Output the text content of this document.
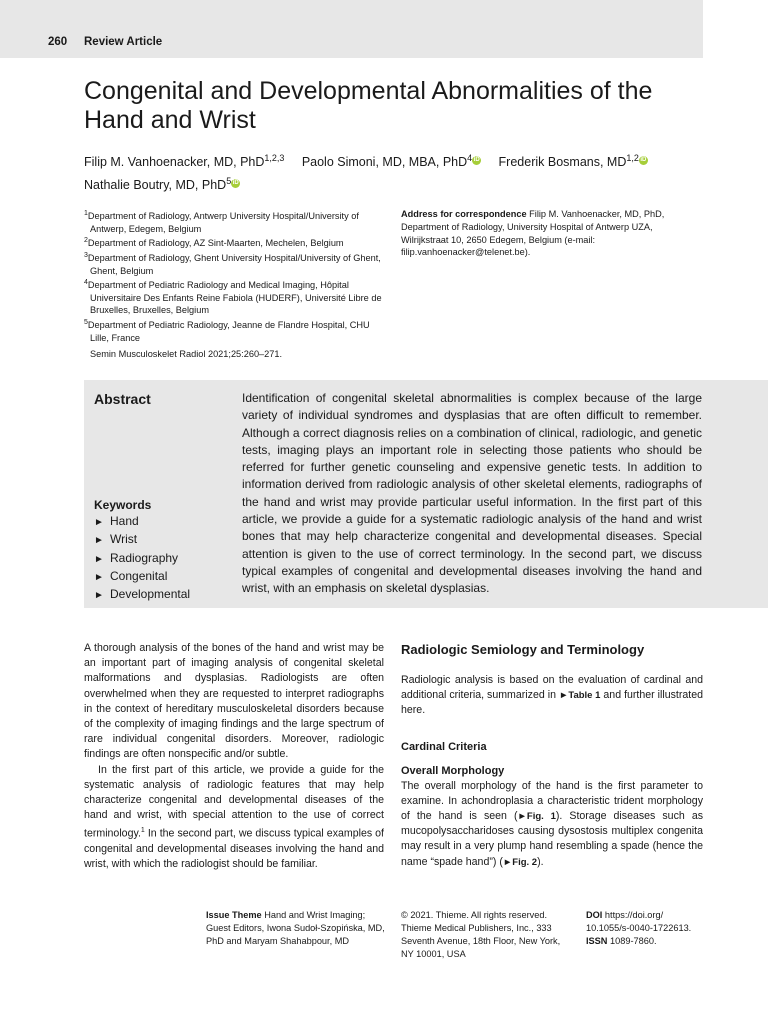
260 Review Article
Congenital and Developmental Abnormalities of the Hand and Wrist
Filip M. Vanhoenacker, MD, PhD$^{1,2,3}$ Paolo Simoni, MD, MBA, PhD$^4$ iD Frederik Bosmans, MD$^{1,2}$ iD
Nathalie Boutry, MD, PhD$^5$ iD

$^1$Department of Radiology, Antwerp University Hospital/University of Antwerp, Edegem, Belgium

$^2$Department of Radiology, AZ Sint-Maarten, Mechelen, Belgium

$^3$Department of Radiology, Ghent University Hospital/University of Ghent, Ghent, Belgium

$^4$Department of Pediatric Radiology and Medical Imaging, Hôpital Universitaire Des Enfants Reine Fabiola (HUDERF), Université Libre de Bruxelles, Bruxelles, Belgium

$^5$Department of Pediatric Radiology, Jeanne de Flandre Hospital, CHU Lille, France

Address for correspondence Filip M. Vanhoenacker, MD, PhD, Department of Radiology, University Hospital of Antwerp UZA, Wilrijkstraat 10, 2650 Edegem, Belgium (e-mail: filip.vanhoenacker@telenet.be).
Semin Musculoskelet Radiol 2021;25:260–271.
Abstract	Identification of congenital skeletal abnormalities is complex because of the large variety of individual syndromes and dysplasias that are often difficult to remember. Although a correct diagnosis relies on a combination of clinical, radiologic, and genetic tests, imaging plays an important role in selecting those patients who should be referred for further genetic counseling and expensive genetic tests. In addition to information derived from radiologic analysis of other skeletal elements, radiographs of the hand and wrist may provide particular useful information. In the first part of this article, we provide a guide for a systematic radiologic analysis of the hand and wrist bones that may help characterize congenital and developmental diseases. Special attention is given to the use of correct terminology. In the second part, we discuss typical examples of congenital and developmental diseases involving the hand and wrist, with an emphasis on skeletal dysplasias.

Keywords
► Hand
► Wrist
► Radiography
► Congenital
► Developmental

A thorough analysis of the bones of the hand and wrist may be an important part of imaging analysis of congenital skeletal malformations and dysplasias. Radiologists are often overwhelmed when they are requested to interpret radiographs in the context of hereditary musculoskeletal disorders because of the complexity of imaging findings and the large spectrum of rare individual congenital disorders. Moreover, radiologic findings are often nonspecific and/or subtle.

In the first part of this article, we provide a guide for the systematic analysis of radiologic features that may help characterize congenital and developmental diseases of the hand and wrist, with special attention to the use of correct terminology.$^1$ In the second part, we discuss typical examples of congenital and developmental diseases involving the hand and wrist, with which the radiologist should be familiar.

Radiologic Semiology and Terminology

Radiologic analysis is based on the evaluation of cardinal and additional criteria, summarized in ►Table 1 and further illustrated here.

Cardinal Criteria
Overall Morphology

The overall morphology of the hand is the first parameter to examine. In achondroplasia a characteristic trident morphology of the hand is seen (►Fig. 1). Storage diseases such as mucopolysaccharidoses causing dysostosis multiplex congenita may result in a very plump hand resembling a spade (hence the name “spade hand”) (►Fig. 2).

Issue Theme Hand and Wrist Imaging; Guest Editors, Iwona Sudoł-Szopińska, MD, PhD and Maryam Shahabpour, MD
© 2021. Thieme. All rights reserved. Thieme Medical Publishers, Inc., 333 Seventh Avenue, 18th Floor, New York, NY 10001, USA
DOI https://doi.org/ 10.1055/s-0040-1722613.
ISSN 1089-7860.
